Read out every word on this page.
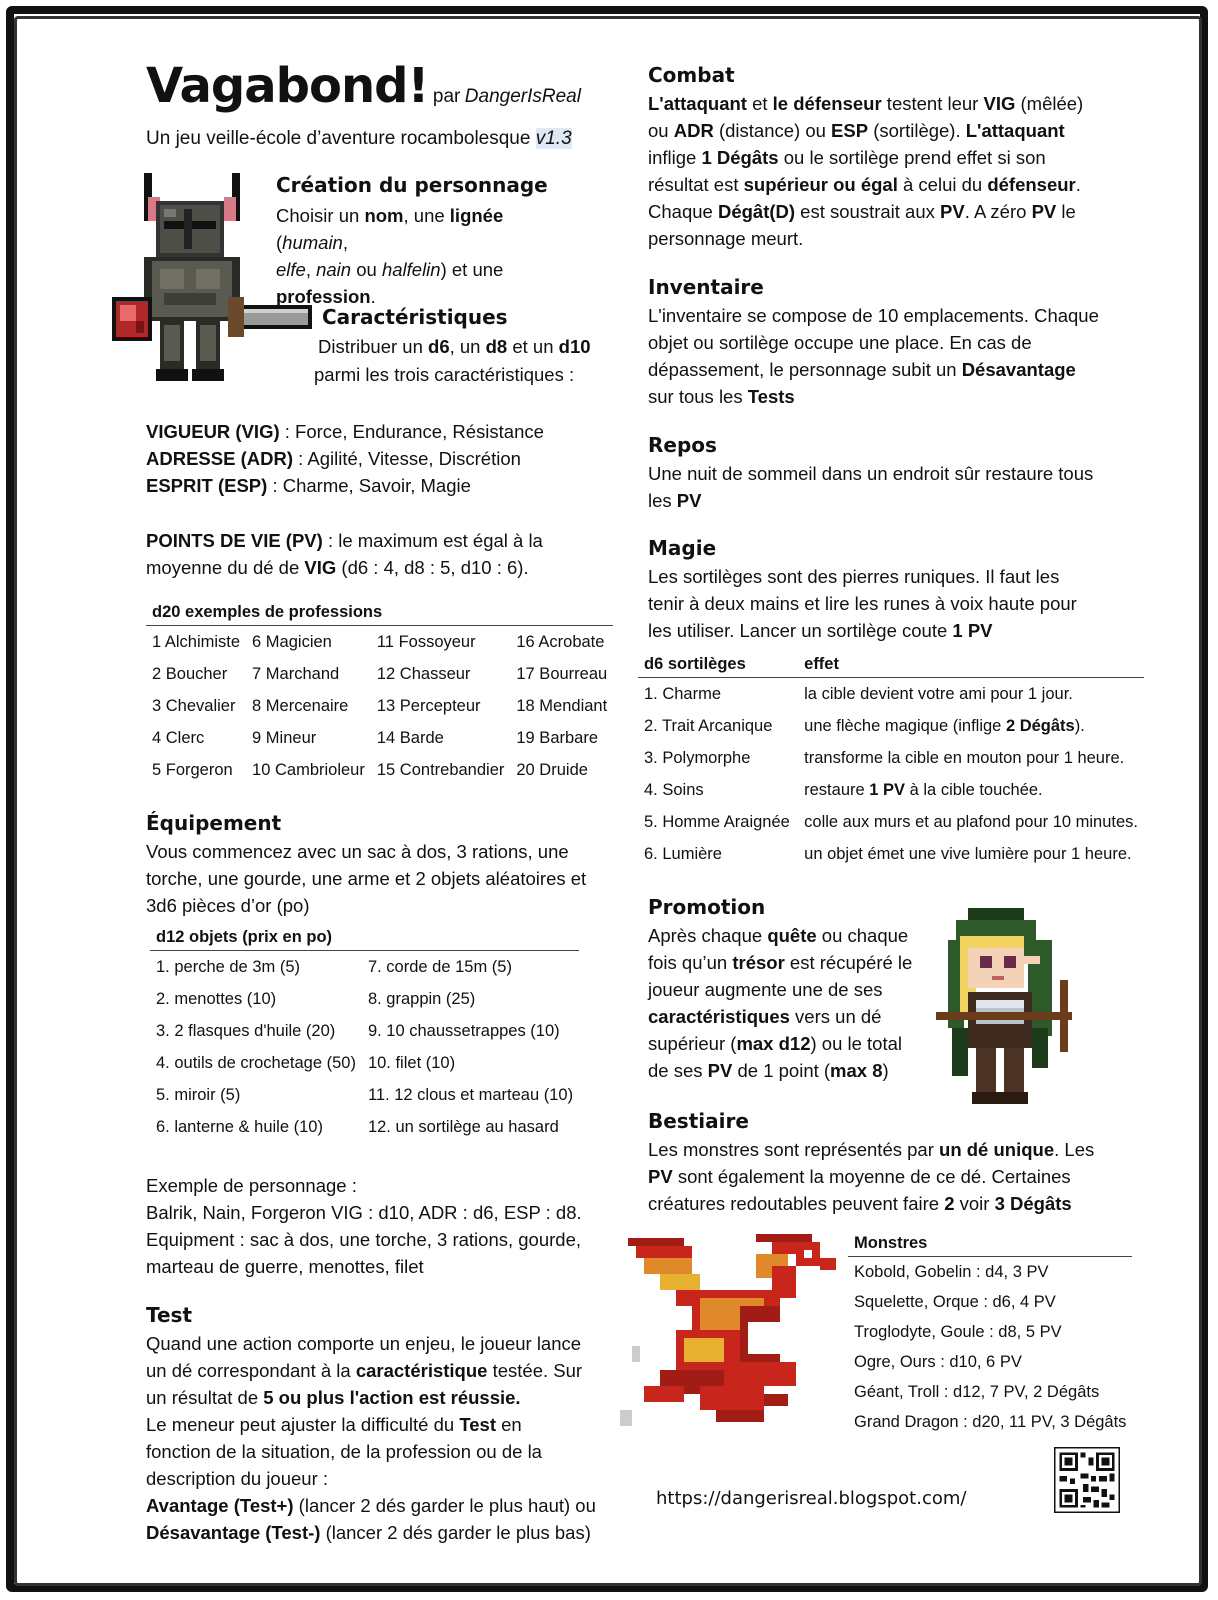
Vagabond! par DangerIsReal
Un jeu veille-école d’aventure rocambolesque v1.3
Création du personnage
Choisir un nom, une lignée (humain,
elfe, nain ou halfelin) et une
profession.
Caractéristiques
Distribuer un d6, un d8 et un d10
parmi les trois caractéristiques :
VIGUEUR (VIG) : Force, Endurance, Résistance
ADRESSE (ADR) : Agilité, Vitesse, Discrétion
ESPRIT (ESP) : Charme, Savoir, Magie
POINTS DE VIE (PV) : le maximum est égal à la
moyenne du dé de VIG (d6 : 4, d8 : 5, d10 : 6).
d20 exemples de professions			
1 Alchimiste	6 Magicien	11 Fossoyeur	16 Acrobate
2 Boucher	7 Marchand	12 Chasseur	17 Bourreau
3 Chevalier	8 Mercenaire	13 Percepteur	18 Mendiant
4 Clerc	9 Mineur	14 Barde	19 Barbare
5 Forgeron	10 Cambrioleur	15 Contrebandier	20 Druide
Équipement
Vous commencez avec un sac à dos, 3 rations, une
torche, une gourde, une arme et 2 objets aléatoires et
3d6 pièces d’or (po)
d12 objets (prix en po)	
1. perche de 3m (5)	7. corde de 15m (5)
2. menottes (10)	8. grappin (25)
3. 2 flasques d'huile (20)	9. 10 chaussetrappes (10)
4. outils de crochetage (50)	10. filet (10)
5. miroir (5)	11. 12 clous et marteau (10)
6. lanterne & huile (10)	12. un sortilège au hasard
Exemple de personnage :
Balrik, Nain, Forgeron VIG : d10, ADR : d6, ESP : d8.
Equipment : sac à dos, une torche, 3 rations, gourde,
marteau de guerre, menottes, filet
Test
Quand une action comporte un enjeu, le joueur lance
un dé correspondant à la caractéristique testée. Sur
un résultat de 5 ou plus l'action est réussie.
Le meneur peut ajuster la difficulté du Test en
fonction de la situation, de la profession ou de la
description du joueur :
Avantage (Test+) (lancer 2 dés garder le plus haut) ou
Désavantage (Test-) (lancer 2 dés garder le plus bas)
Combat
L'attaquant et le défenseur testent leur VIG (mêlée)
ou ADR (distance) ou ESP (sortilège). L'attaquant
inflige 1 Dégâts ou le sortilège prend effet si son
résultat est supérieur ou égal à celui du défenseur.
Chaque Dégât(D) est soustrait aux PV. A zéro PV le
personnage meurt.
Inventaire
L'inventaire se compose de 10 emplacements. Chaque
objet ou sortilège occupe une place. En cas de
dépassement, le personnage subit un Désavantage
sur tous les Tests
Repos
Une nuit de sommeil dans un endroit sûr restaure tous
les PV
Magie
Les sortilèges sont des pierres runiques. Il faut les
tenir à deux mains et lire les runes à voix haute pour
les utiliser. Lancer un sortilège coute 1 PV
d6 sortilèges	effet
1. Charme	la cible devient votre ami pour 1 jour.
2. Trait Arcanique	une flèche magique (inflige 2 Dégâts).
3. Polymorphe	transforme la cible en mouton pour 1 heure.
4. Soins	restaure 1 PV à la cible touchée.
5. Homme Araignée	colle aux murs et au plafond pour 10 minutes.
6. Lumière	un objet émet une vive lumière pour 1 heure.
Promotion
Après chaque quête ou chaque
fois qu’un trésor est récupéré le
joueur augmente une de ses
caractéristiques vers un dé
supérieur (max d12) ou le total
de ses PV de 1 point (max 8)
Bestiaire
Les monstres sont représentés par un dé unique. Les
PV sont également la moyenne de ce dé. Certaines
créatures redoutables peuvent faire 2 voir 3 Dégâts
Monstres
Kobold, Gobelin : d4, 3 PV
Squelette, Orque : d6, 4 PV
Troglodyte, Goule : d8, 5 PV
Ogre, Ours : d10, 6 PV
Géant, Troll : d12, 7 PV, 2 Dégâts
Grand Dragon : d20, 11 PV, 3 Dégâts
https://dangerisreal.blogspot.com/
